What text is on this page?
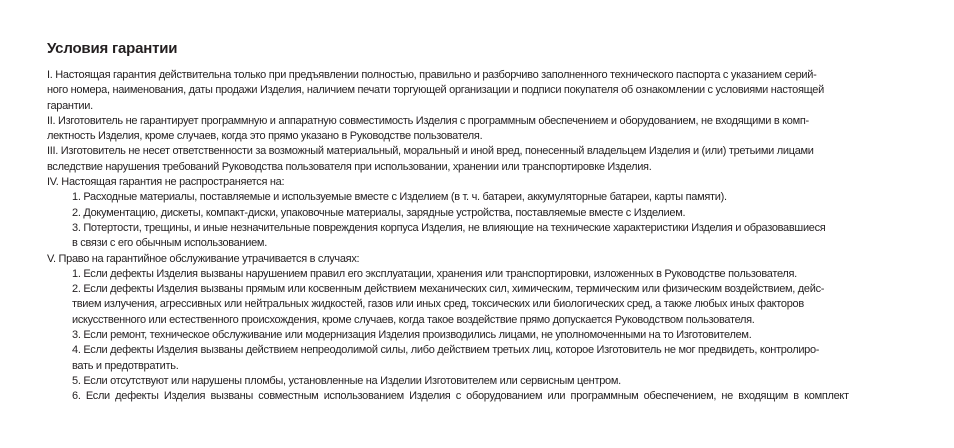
Условия гарантии
I. Настоящая гарантия действительна только при предъявлении полностью, правильно и разборчиво заполненного технического паспорта с указанием серий-
ного номера, наименования, даты продажи Изделия, наличием печати торгующей организации и подписи покупателя об ознакомлении с условиями настоящей
гарантии.
II. Изготовитель не гарантирует программную и аппаратную совместимость Изделия с программным обеспечением и оборудованием, не входящими в комп-
лектность Изделия, кроме случаев, когда это прямо указано в Руководстве пользователя.
III. Изготовитель не несет ответственности за возможный материальный, моральный и иной вред, понесенный владельцем Изделия и (или) третьими лицами
вследствие нарушения требований Руководства пользователя при использовании, хранении или транспортировке Изделия.
IV. Настоящая гарантия не распространяется на:
1. Расходные материалы, поставляемые и используемые вместе с Изделием (в т. ч. батареи, аккумуляторные батареи, карты памяти).
2. Документацию, дискеты, компакт-диски, упаковочные материалы, зарядные устройства, поставляемые вместе с Изделием.
3. Потертости, трещины, и иные незначительные повреждения корпуса Изделия, не влияющие на технические характеристики Изделия и образовавшиеся
в связи с его обычным использованием.
V. Право на гарантийное обслуживание утрачивается в случаях:
1. Если дефекты Изделия вызваны нарушением правил его эксплуатации, хранения или транспортировки, изложенных в Руководстве пользователя.
2. Если дефекты Изделия вызваны прямым или косвенным действием механических сил, химическим, термическим или физическим воздействием, дейс-
твием излучения, агрессивных или нейтральных жидкостей, газов или иных сред, токсических или биологических сред, а также любых иных факторов
искусственного или естественного происхождения, кроме случаев, когда такое воздействие прямо допускается Руководством пользователя.
3. Если ремонт, техническое обслуживание или модернизация Изделия производились лицами, не уполномоченными на то Изготовителем.
4. Если дефекты Изделия вызваны действием непреодолимой силы, либо действием третьих лиц, которое Изготовитель не мог предвидеть, контролиро-
вать и предотвратить.
5. Если отсутствуют или нарушены пломбы, установленные на Изделии Изготовителем или сервисным центром.
6. Если дефекты Изделия вызваны совместным использованием Изделия с оборудованием или программным обеспечением, не входящим в комплект
